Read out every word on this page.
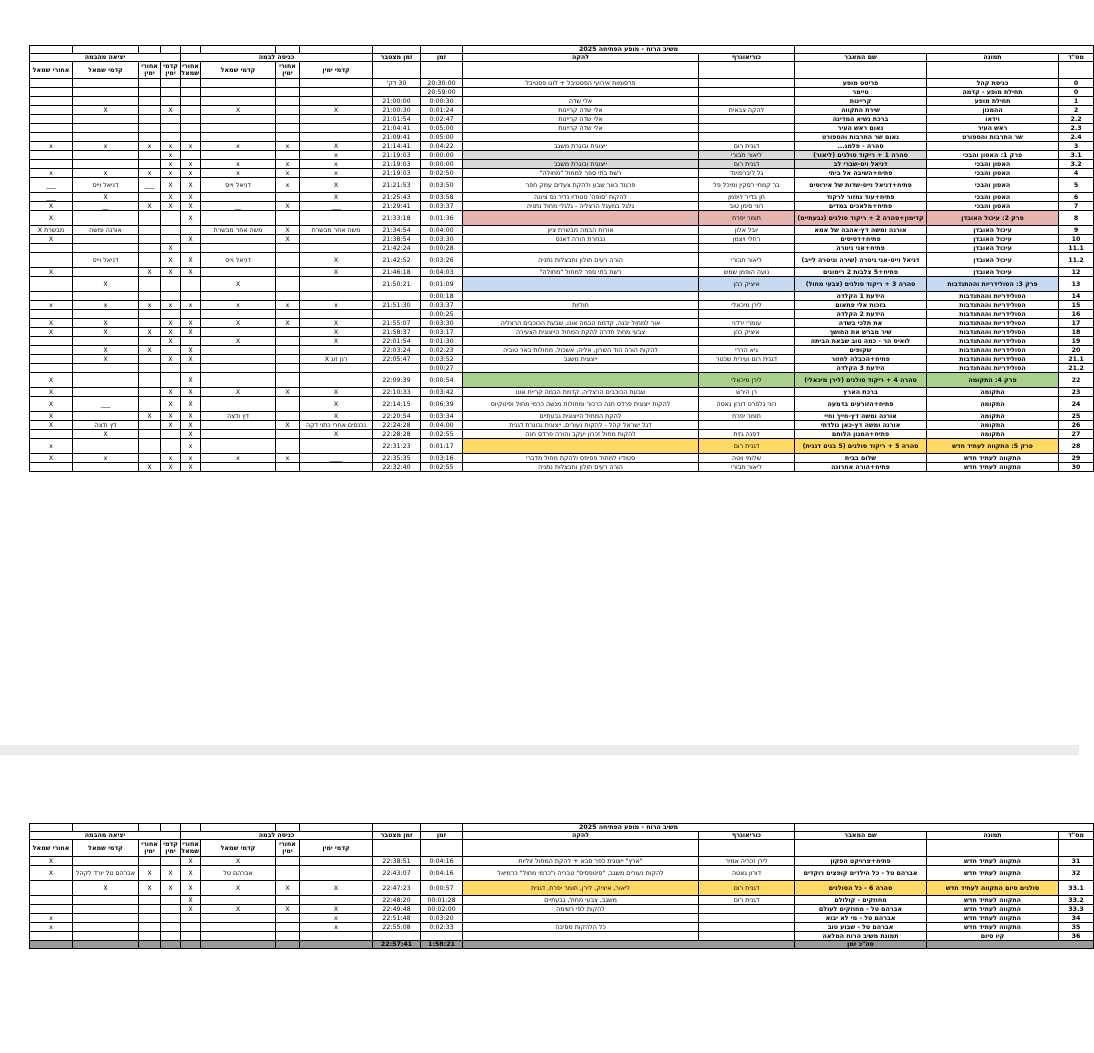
			משיב הרוח - מופע הפתיחה 2025											
מס"ד	תמונה	שם המאבר	כוריאוגרף	להקה	זמן	זמן מצטבר	כניסה לבמה				יציאה מהבמה			
							קדמי ימין	אחורי ימין	קדמי שמאל	אחורי שמאל	קדמי ימין	אחורי ימין	קדמי שמאל	אחורי שמאל
0	כניסת קהל	פריסט מופע		פרסומות אירועי הפסטיבל + לוגו פסטיבל	20:30:00	30 דק'								
0	תחילת מופע - קדמה	טיימר			20:59:00									
1	תחילת מופע	קריינות		אלי שדה	0:00:30	21:00:00								
2	ההמנון	שירת התקווה	להקה צבאית	אלי שדה קריינות	0:01:24	21:00:30	X		X		X		X	
2.2	וידאו	ברכת נשיא המדינה		אלי שדה קריינות	0:02:47	21:01:54								
2.3	ראש העיר	נאום ראש העיר		אלי שדה קריינות	0:05:00	21:04:41								
2.4	שר התרבות והספורט	נאום שר התרבות והספורט			0:05:00	21:09:41								
3		סהרה - פלמנ...	דגנית רום	ייצוגית ובוגרת משגב	0:04:22	21:14:41	X	x	x	x	x	x	x	x
3.1	פרק 1: האסון והבכי	סהרה 1 + ריקוד סולנים (ליאור)	ליאור תבורי		0:00:00	21:19:03	x				x			
3.2	האסון והבכי	דניאל ויס-שברי לב	דגנית רום	ייצוגית ובוגרת משגב	0:00:00	21:19:03	x	x	x	x	x			
4	האסון והבכי	פתיח+השיבה אל ביתי	גל ליברפוינד	רשת בתי ספר למחול "מחולה"	0:02:50	21:19:03	x	x	x	x	x	x	x	x
5	האסון והבכי	פתיח+דניאל וייס-שדות של אירוסים	בר קמחי רסקין ומיכל פל	פרגוד באר שבע ולהקת צעדים עמק חפר	0:03:50	21:21:53	X	x	דניאל וייס	X	X	___	דניאל וייס	___
6	האסון והבכי	פתיח+עוד נחזור לרקוד	חן בדיר ליפמן	להקות 'סופה' סטודיו נדיר נס ציונה	0:03:58	21:25:43	X			X	X		X	___
7	האסון והבכי	פתיח+מלאכים במדים	רוני סימן טוב	גלגל במעגל הרצליה - גלגלי מחול נתניה	0:03:37	21:29:41	___	X	__	X	X	X	__	X
8	פרק 2: עיכול האובדן	קדימון+סהרה 2 + ריקוד סולנים (גבעתיים)	תומר יפרח		0:01:36	21:33:18				X				X
9	עיכול האובדן	אורנה ומשה דץ-אהבה של אמא	יובל אלון	אורות הבמה מבשרת ציון	0:04:00	21:34:54	משה אחר מבשרת	X	משה אחר מבשרת				אורנה ומשה	מבשרת X
10	עיכול האובדן	פתיח+דסיסים	רחלי ויצמן	נבחרת הורה דאנס	0:03:30	21:38:54		X		X				X
11.1	עיכול האובדן	פתיח+אני גיטרה			0:00:28	21:42:24					X			
11.2	עיכול האובדן	דניאל וייס-אני גיטרה (שירה וגיטרה לייב)	ליאור תבורי	הורה רעים חולון וחבצלות נתניה	0:03:26	21:42:52	X		דניאל וייס	X	X		דניאל וייס	
12	עיכול האובדן	פתיח+5 צלבות 2 רימונים	נועה הופמן שמש	רשת בתי ספר למחול "מחולה"	0:04:03	21:46:18	X			X	X	X		X
13	פרק 3: הסולידריות וההתנדבות	סהרה 3 + ריקוד סולנים (צבעי מחול)	איציק כהן		0:01:09	21:50:21			X				X	
14	הסולידריות וההתנדבות	הידעת 1 הקלדה			0:00:18									
15	הסולידריות וההתנדבות	בזכות אלי פתאום	לירן מיכאלי	חוליות	0:03:37	21:51:30	x	x	x	x	x	x	x	x
16	הסולידריות וההתנדבות	הידעת 2 הקלדה			0:00:25									
17	הסולידריות וההתנדבות	את תלכי בשדה	עומרי ירדני	אור למחול יבנה, קדמת הבמה אונו, שבעת הכוכבים הרצליה	0:03:30	21:55:07	X	X	X	X	X		X	X
18	הסולידריות וההתנדבות	שיר מברש את החושך	איציק כהן	צבעי מחול חדרה להקת המחול הייצוגית הצעירה	0:03:17	21:58:37	X			X	X	X	X	X
19	הסולידריות וההתנדבות	לואיס הר - כמה טוב שבאת הביתה			0:01:30	22:01:54	X		X		X			
20	הסולידריות וההתנדבות	שקופים	גיא הררי	להקות הורה הוד השרון, אליה, אשכול, מחולות באר טוביה	0:02:23	22:03:24				X		X	X	
21.1	הסולידריות וההתנדבות	פתיח+הכבלה לחזור	דגנית רום ועירית שכטר	ייצוגית משגב	0:03:52	22:05:47	רנן זוג X			X	X		X	
21.2	הסולידריות וההתנדבות	הידעת 3 הקלדה			0:00:27									
22	פרק 4: התקומה	סהרה 4 + ריקוד סולנים (לירן מיכאלי)	לירן מיכאלי		0:00:54	22:09:39				X				X
23	התקומה	ברכת הארץ	רן הירש	שבעת הכוכבים הרצליה, קדמת הבמה קריית אונו	0:03:42	22:10:33	X	X	X	X	X			X
24	התקומה	פתיח+הזורעים בדמעה	רוני גלפרט דורון גאטה	להקות ייצוגית פרדס חנה כרכור ומחולות מנשה כרמי מחול ופינוקיוס	0:06:39	22:14:15	X			X	X		___	X
25	התקומה	אורנה ומשה דץ-חייך וחיי	תומר יפרח	להקת המחול הייצוגית גבעתיים	0:03:34	22:20:54	X		דץ ודצה	X	X	X		X
26	התקומה	אורנה ומשה דץ-כאן נולדתי		דגל ישראל קהל - להקות נעורים, ייצוגית ובוגרת דגנית	0:04:00	22:24:28	נכנסים אחרי כתוי דקה	X		X	X		דץ ודצה	X
27	התקומה	פתיח+המנון הלוחם	דפנה גזית	להקות מחול זכרון יעקב והורה פרדס חנה	0:02:55	22:28:28	X			X			X	
28	פרק 5: התקווה לעתיד חדש	סהרה 5 + ריקוד סולנים (5 בנים דגנית)	דגנית רום		0:01:17	22:31:23				x				x
29	התקווה לעתיד חדש	שלום בבית	שלומי ווטה	סטודיו למחול פסיפס ולהקת מחול מדברי	0:03:16	22:35:35	____	x	x	x	x		x	X
30	התקווה לעתיד חדש	פתיח+הורה אחרונה	ליאור תבורי	הורה רעים חולון וחבצלות נתניה	0:02:55	22:32:40				X	X	X		
			משיב הרוח - מופע הפתיחה 2025											
מס"ד	תמונה	שם המאבר	כוריאוגרף	להקה	זמן	זמן מצטבר	כניסה לבמה				יציאה מהבמה			
							קדמי ימין	אחורי ימין	קדמי שמאל	אחורי שמאל	קדמי ימין	אחורי ימין	קדמי שמאל	אחורי שמאל
31	התקווה לעתיד חדש	פתיח+פרויקט הפקון	לירן זכריה אמיר	"ארץ" ייצוגית כפר סבא + להקת המחול זוליות	0:04:16	22:38:51			X	X				X
32	התקווה לעתיד חדש	אברהם טל - כל הילדים קופצים רוקדים	דורון גאטה	להקות נעורים משגב, "סינופסיס" טבריה ו"כרמי מחול" כרמיאל	0:04:16	22:43:07			אברהם טל	X	X	X	אברהם טל יורד לקהל	X
33.1	סולנים סיום התקווה לעתיד חדש	סהרה 6 - כל הסולנים	דגנית רום	ליאור, איציק, לירן, תומר יפרח, דגנית	0:00:57	22:47:23	X	X	X	X	X	X	X	
33.2	התקווה לעתיד חדש	מחוזקים - קולולם	דגנית רום	משגב, צבעי מחול, גבעתיים	00:01:28	22:48:20				X				
33.3	התקווה לעתיד חדש	אברהם טל - מחוזקים לעולם		להקות לפי רשימה	00:02:00	22:49:48	X	X	X	X				
34	התקווה לעתיד חדש	אברהם טל - מי לא יבוא			0:03:20	22:51:48	x							x
35	התקווה לעתיד חדש	אברהם טל - שבוע טוב		כל הלהקות מסיבה	0:02:33	22:55:08	x							x
36	קיו סיום	תמונת משיב הרוח המלאה												
		סה"כ זמן			1:58:21	22:57:41								
